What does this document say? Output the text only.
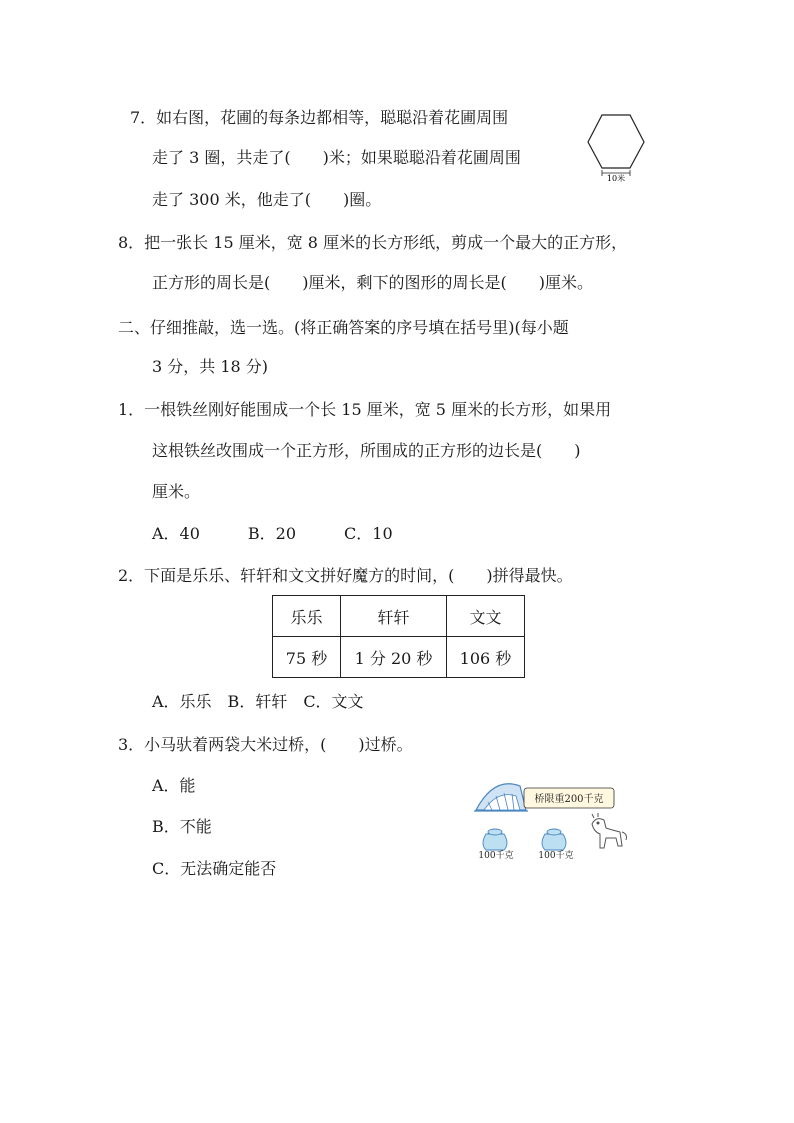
7．如右图，花圃的每条边都相等，聪聪沿着花圃周围
走了 3 圈，共走了(　　)米；如果聪聪沿着花圃周围
走了 300 米，他走了(　　)圈。
10米
8．把一张长 15 厘米，宽 8 厘米的长方形纸，剪成一个最大的正方形，
正方形的周长是(　　)厘米，剩下的图形的周长是(　　)厘米。
二、仔细推敲，选一选。(将正确答案的序号填在括号里)(每小题
3 分，共 18 分)
1．一根铁丝刚好能围成一个长 15 厘米，宽 5 厘米的长方形，如果用
这根铁丝改围成一个正方形，所围成的正方形的边长是(　　)
厘米。
A．40　　　B．20　　　C．10
2．下面是乐乐、轩轩和文文拼好魔方的时间，(　　)拼得最快。
乐乐	轩轩	文文
75 秒	1 分 20 秒	106 秒
A．乐乐　B．轩轩　C．文文
3．小马驮着两袋大米过桥，(　　)过桥。
A．能
B．不能
C．无法确定能否
桥限重200千克
100千克	100千克
